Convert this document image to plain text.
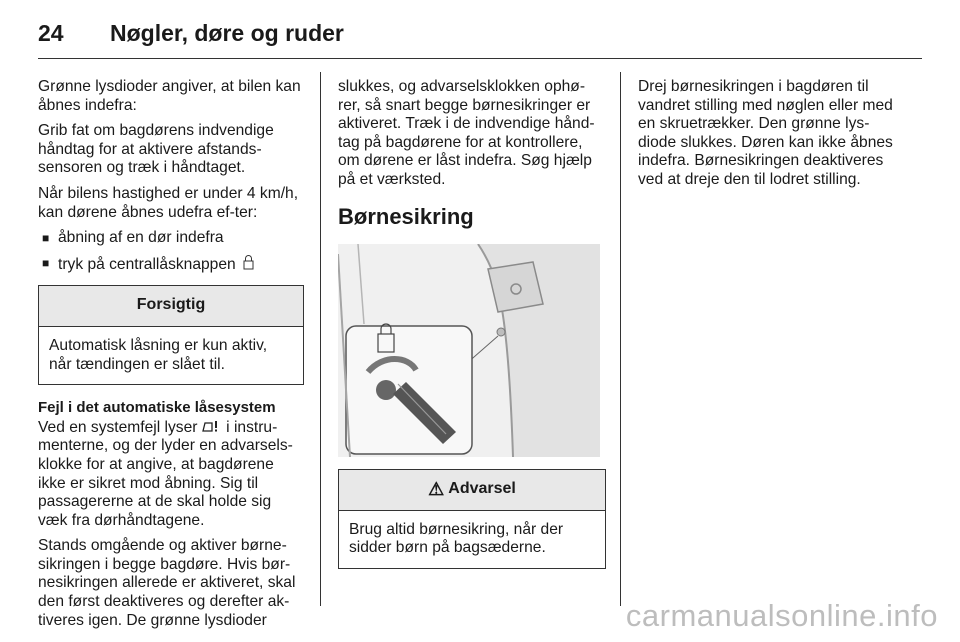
24 Nøgler, døre og ruder

Grønne lysdioder angiver, at bilen kan åbnes indefra:

Grib fat om bagdørens indvendige håndtag for at aktivere afstands-sensoren og træk i håndtaget.

Når bilens hastighed er under 4 km/h, kan dørene åbnes udefra ef-ter:

■ åbning af en dør indefra
■ tryk på centrallåsknappen
Forsigtig
Automatisk låsning er kun aktiv, når tændingen er slået til.
Fejl i det automatiske låsesystem

Ved en systemfejl lyser i instru-menterne, og der lyder en advarsels-klokke for at angive, at bagdørene ikke er sikret mod åbning. Sig til passagererne at de skal holde sig væk fra dørhåndtagene.

Stands omgående og aktiver børne-sikringen i begge bagdøre. Hvis bør-nesikringen allerede er aktiveret, skal den først deaktiveres og derefter ak-tiveres igen. De grønne lysdioder

slukkes, og advarselsklokken ophø-rer, så snart begge børnesikringer er aktiveret. Træk i de indvendige hånd-tag på bagdørene for at kontrollere, om dørene er låst indefra. Søg hjælp på et værksted.

Børnesikring
⚠ Advarsel
Brug altid børnesikring, når der sidder børn på bagsæderne.

Drej børnesikringen i bagdøren til vandret stilling med nøglen eller med en skruetrækker. Den grønne lys-diode slukkes. Døren kan ikke åbnes indefra. Børnesikringen deaktiveres ved at dreje den til lodret stilling.

carmanualsonline.info
